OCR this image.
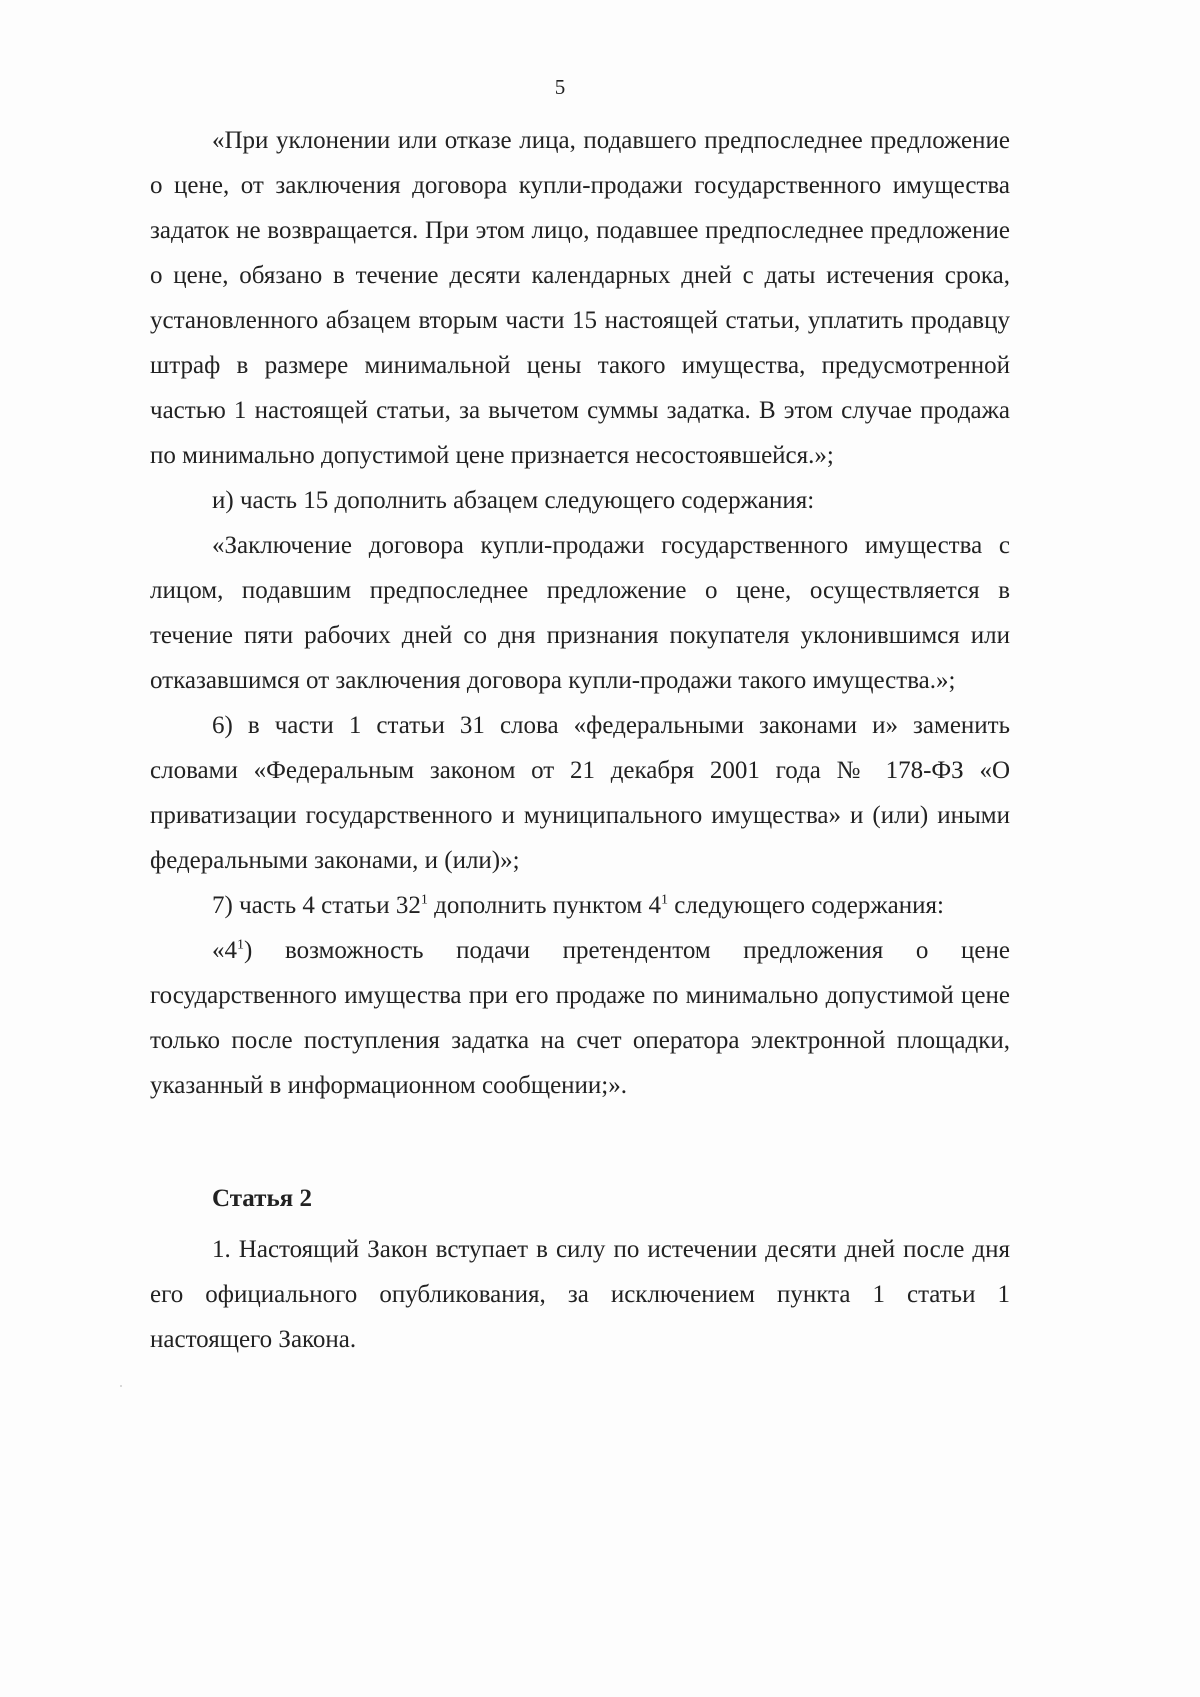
5

«При уклонении или отказе лица, подавшего предпоследнее предложение о цене, от заключения договора купли-продажи государственного имущества задаток не возвращается. При этом лицо, подавшее предпоследнее предложение о цене, обязано в течение десяти календарных дней с даты истечения срока, установленного абзацем вторым части 15 настоящей статьи, уплатить продавцу штраф в размере минимальной цены такого имущества, предусмотренной частью 1 настоящей статьи, за вычетом суммы задатка. В этом случае продажа по минимально допустимой цене признается несостоявшейся.»;

и) часть 15 дополнить абзацем следующего содержания:

«Заключение договора купли-продажи государственного имущества с лицом, подавшим предпоследнее предложение о цене, осуществляется в течение пяти рабочих дней со дня признания покупателя уклонившимся или отказавшимся от заключения договора купли-продажи такого имущества.»;

6) в части 1 статьи 31 слова «федеральными законами и» заменить словами «Федеральным законом от 21 декабря 2001 года № 178-ФЗ «О приватизации государственного и муниципального имущества» и (или) иными федеральными законами, и (или)»;

7) часть 4 статьи $32^1$ дополнить пунктом $4^1$ следующего содержания:

«$4^1$) возможность подачи претендентом предложения о цене государственного имущества при его продаже по минимально допустимой цене только после поступления задатка на счет оператора электронной площадки, указанный в информационном сообщении;».

Статья 2

1. Настоящий Закон вступает в силу по истечении десяти дней после дня его официального опубликования, за исключением пункта 1 статьи 1 настоящего Закона.
